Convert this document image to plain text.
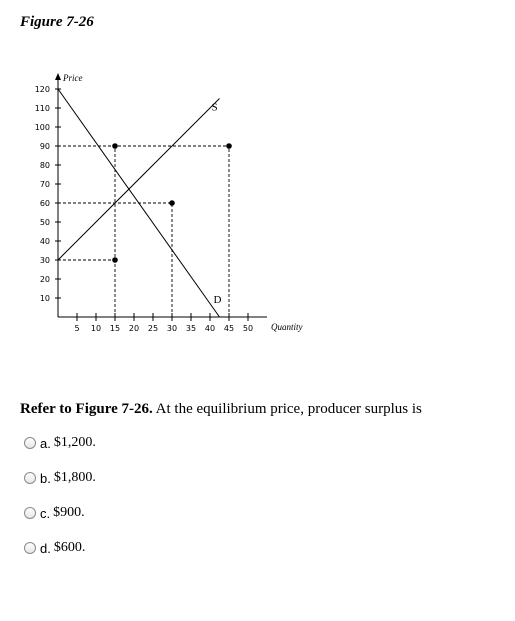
Figure 7-26
10
20
30
40
50
60
70
80
90
100
110
120
5 10 15 20 25 30 35 40 45 50
Price
Quantity
S
D
Refer to Figure 7-26. At the equilibrium price, producer surplus is
a. $1,200.
b. $1,800.
c. $900.
d. $600.
